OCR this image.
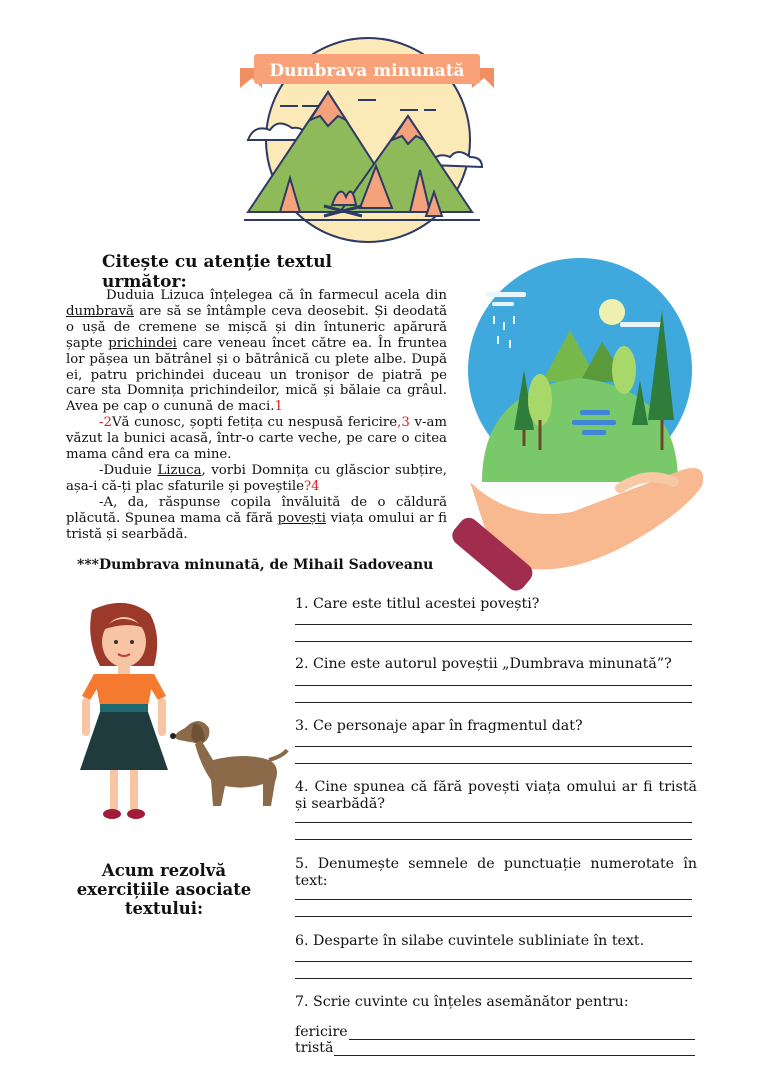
Dumbrava minunată
Citește cu atenție textul următor:

Duduia Lizuca înțelegea că în farmecul acela din dumbravă are să se întâmple ceva deosebit. Și deodată o ușă de cremene se mișcă și din întuneric apărură șapte prichindei care veneau încet către ea. În fruntea lor pășea un bătrânel și o bătrânică cu plete albe. După ei, patru prichindei duceau un tronișor de piatră pe care sta Domnița prichindeilor, mică și bălaie ca grâul. Avea pe cap o cunună de maci.1

-2Vă cunosc, șopti fetița cu nespusă fericire,3 v-am văzut la bunici acasă, într-o carte veche, pe care o citea mama când era ca mine.

-Duduie Lizuca, vorbi Domnița cu glăscior subțire, așa-i că-ți plac sfaturile și poveștile?4

-A, da, răspunse copila învăluită de o căldură plăcută. Spunea mama că fără povești viața omului ar fi tristă și searbădă.

***Dumbrava minunată, de Mihail Sadoveanu
Acum rezolvă exercițiile asociate textului:
1. Care este titlul acestei povești?
2. Cine este autorul poveștii „Dumbrava minunată”?
3. Ce personaje apar în fragmentul dat?
4. Cine spunea că fără povești viața omului ar fi tristă și searbădă?
5. Denumește semnele de punctuație numerotate în text:
6. Desparte în silabe cuvintele subliniate în text.
7. Scrie cuvinte cu înțeles asemănător pentru:
fericire
tristă
